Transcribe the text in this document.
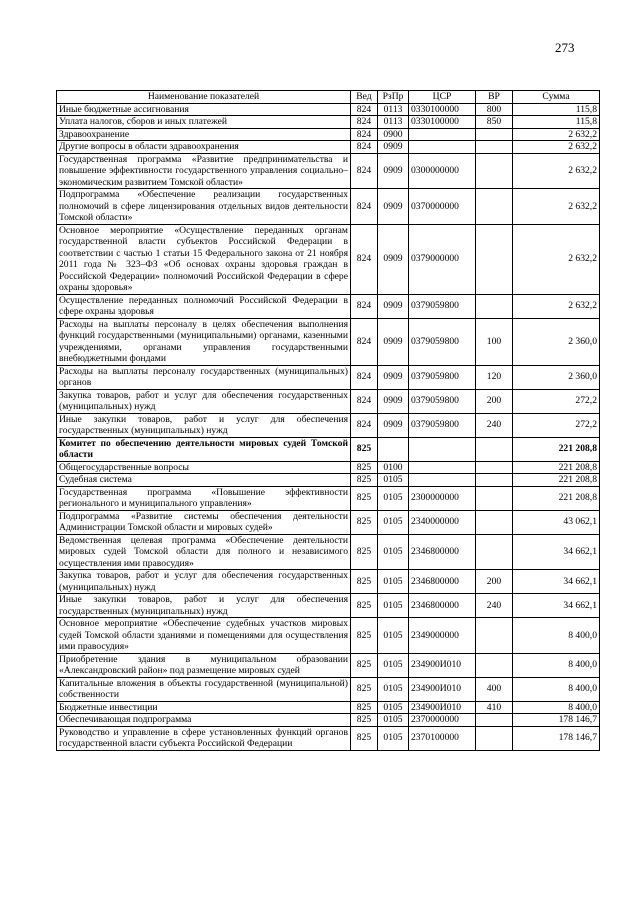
273
Наименование показателей	Вед	РзПр	ЦСР	ВР	Сумма
Иные бюджетные ассигнования	824	0113	0330100000	800	115,8
Уплата налогов, сборов и иных платежей	824	0113	0330100000	850	115,8
Здравоохранение	824	0900			2 632,2
Другие вопросы в области здравоохранения	824	0909			2 632,2
Государственная программа «Развитие предпринимательства и повышение эффективности государственного управления социально–экономическим развитием Томской области»	824	0909	0300000000		2 632,2
Подпрограмма «Обеспечение реализации государственных полномочий в сфере лицензирования отдельных видов деятельности Томской области»	824	0909	0370000000		2 632,2
Основное мероприятие «Осуществление переданных органам государственной власти субъектов Российской Федерации в соответствии с частью 1 статьи 15 Федерального закона от 21 ноября 2011 года № 323–ФЗ «Об основах охраны здоровья граждан в Российской Федерации» полномочий Российской Федерации в сфере охраны здоровья»	824	0909	0379000000		2 632,2
Осуществление переданных полномочий Российской Федерации в сфере охраны здоровья	824	0909	0379059800		2 632,2
Расходы на выплаты персоналу в целях обеспечения выполнения функций государственными (муниципальными) органами, казенными учреждениями, органами управления государственными внебюджетными фондами	824	0909	0379059800	100	2 360,0
Расходы на выплаты персоналу государственных (муниципальных) органов	824	0909	0379059800	120	2 360,0
Закупка товаров, работ и услуг для обеспечения государственных (муниципальных) нужд	824	0909	0379059800	200	272,2
Иные закупки товаров, работ и услуг для обеспечения государственных (муниципальных) нужд	824	0909	0379059800	240	272,2
Комитет по обеспечению деятельности мировых судей Томской области	825				221 208,8
Общегосударственные вопросы	825	0100			221 208,8
Судебная система	825	0105			221 208,8
Государственная программа «Повышение эффективности регионального и муниципального управления»	825	0105	2300000000		221 208,8
Подпрограмма «Развитие системы обеспечения деятельности Администрации Томской области и мировых судей»	825	0105	2340000000		43 062,1
Ведомственная целевая программа «Обеспечение деятельности мировых судей Томской области для полного и независимого осуществления ими правосудия»	825	0105	2346800000		34 662,1
Закупка товаров, работ и услуг для обеспечения государственных (муниципальных) нужд	825	0105	2346800000	200	34 662,1
Иные закупки товаров, работ и услуг для обеспечения государственных (муниципальных) нужд	825	0105	2346800000	240	34 662,1
Основное мероприятие «Обеспечение судебных участков мировых судей Томской области зданиями и помещениями для осуществления ими правосудия»	825	0105	2349000000		8 400,0
Приобретение здания в муниципальном образовании «Александровский район» под размещение мировых судей	825	0105	234900И010		8 400,0
Капитальные вложения в объекты государственной (муниципальной) собственности	825	0105	234900И010	400	8 400,0
Бюджетные инвестиции	825	0105	234900И010	410	8 400,0
Обеспечивающая подпрограмма	825	0105	2370000000		178 146,7
Руководство и управление в сфере установленных функций органов государственной власти субъекта Российской Федерации	825	0105	2370100000		178 146,7
